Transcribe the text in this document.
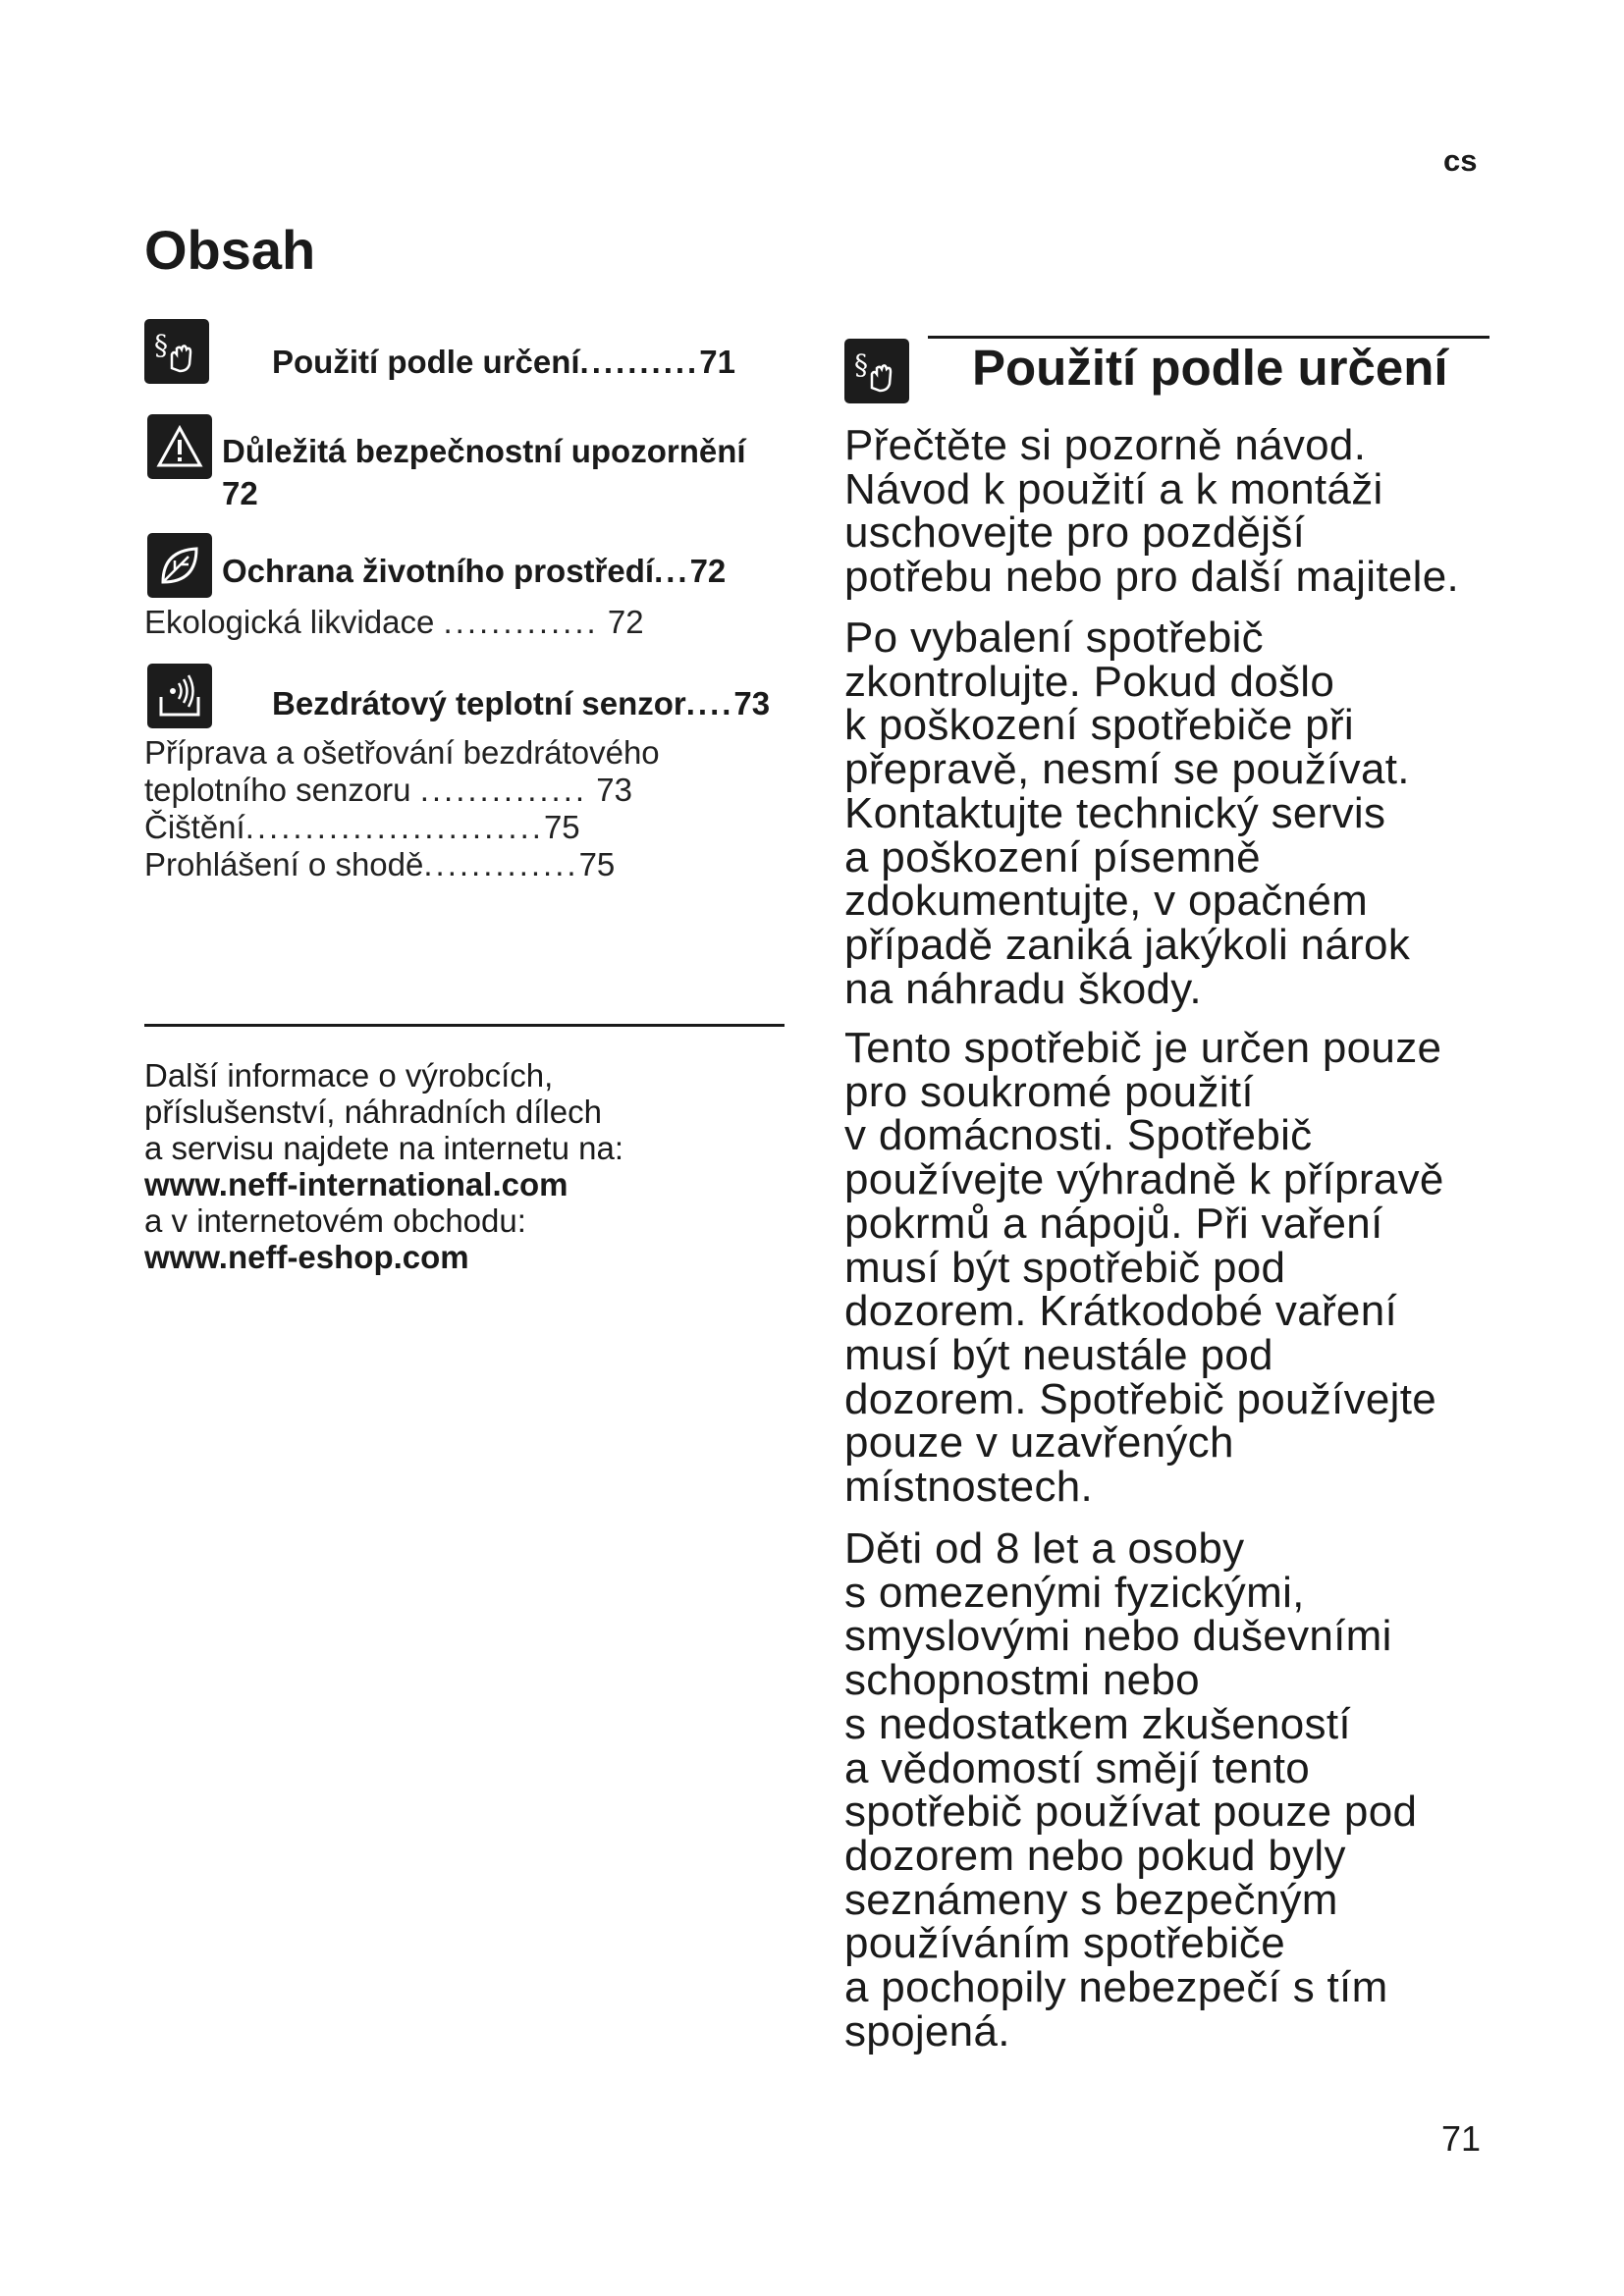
cs
Obsah
§	Použití podle určení..........71
Důležitá bezpečnostní upozornění
72
Ochrana životního prostředí...72
Ekologická likvidace ............. 72
Bezdrátový teplotní senzor....73
Příprava a ošetřování bezdrátového
teplotního senzoru .............. 73
Čištění.........................75
Prohlášení o shodě.............75
Další informace o výrobcích,
příslušenství, náhradních dílech
a servisu najdete na internetu na:
www.neff-international.com
a v internetovém obchodu:
www.neff-eshop.com
§ Použití podle určení
Přečtěte si pozorně návod.
Návod k použití a k montáži
uschovejte pro pozdější
potřebu nebo pro další majitele.
Po vybalení spotřebič
zkontrolujte. Pokud došlo
k poškození spotřebiče při
přepravě, nesmí se používat.
Kontaktujte technický servis
a poškození písemně
zdokumentujte, v opačném
případě zaniká jakýkoli nárok
na náhradu škody.
Tento spotřebič je určen pouze
pro soukromé použití
v domácnosti. Spotřebič
používejte výhradně k přípravě
pokrmů a nápojů. Při vaření
musí být spotřebič pod
dozorem. Krátkodobé vaření
musí být neustále pod
dozorem. Spotřebič používejte
pouze v uzavřených
místnostech.
Děti od 8 let a osoby
s omezenými fyzickými,
smyslovými nebo duševními
schopnostmi nebo
s nedostatkem zkušeností
a vědomostí smějí tento
spotřebič používat pouze pod
dozorem nebo pokud byly
seznámeny s bezpečným
používáním spotřebiče
a pochopily nebezpečí s tím
spojená.
71
